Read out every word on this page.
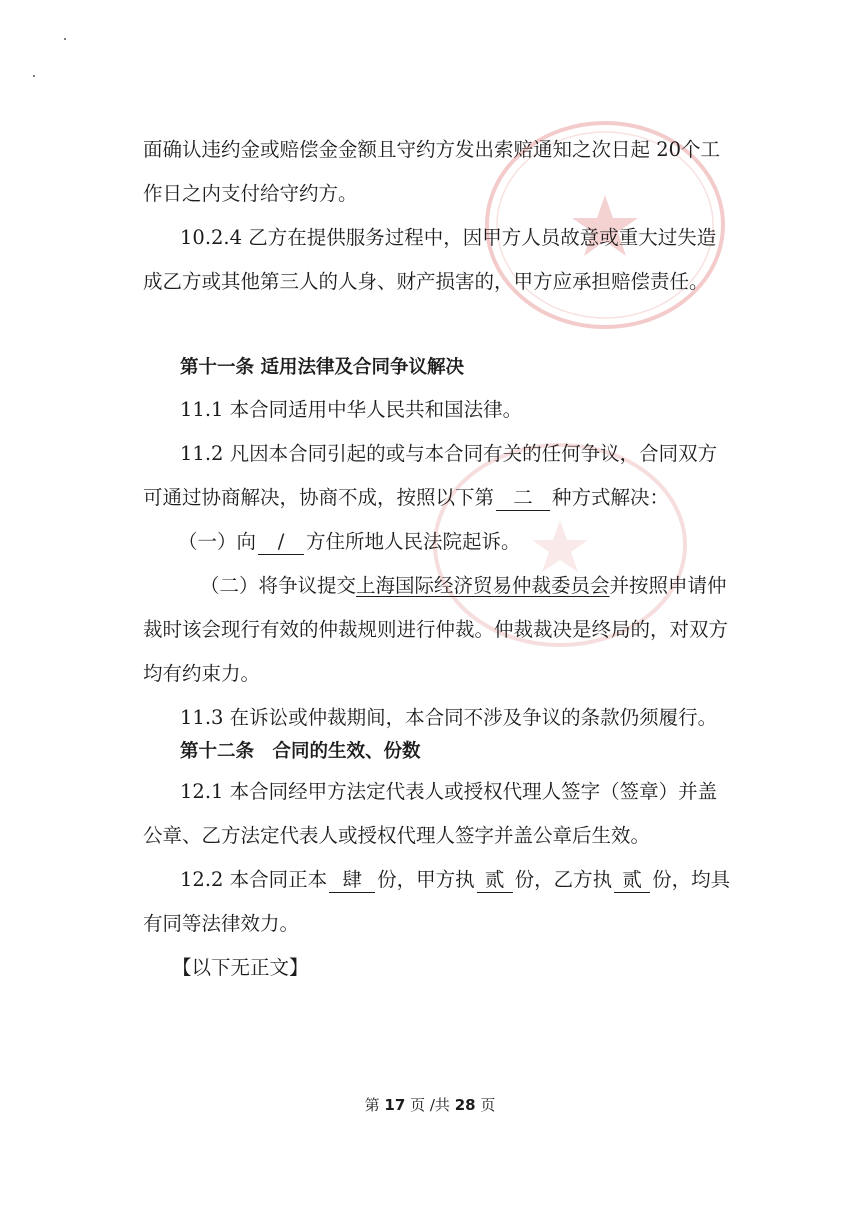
面确认违约金或赔偿金金额且守约方发出索赔通知之次日起 20个工
作日之内支付给守约方。
10.2.4 乙方在提供服务过程中，因甲方人员故意或重大过失造
成乙方或其他第三人的人身、财产损害的，甲方应承担赔偿责任。
第十一条 适用法律及合同争议解决
11.1 本合同适用中华人民共和国法律。
11.2 凡因本合同引起的或与本合同有关的任何争议，合同双方
可通过协商解决，协商不成，按照以下第 二 种方式解决：
（一）向 / 方住所地人民法院起诉。
（二）将争议提交上海国际经济贸易仲裁委员会并按照申请仲
裁时该会现行有效的仲裁规则进行仲裁。仲裁裁决是终局的，对双方
均有约束力。
11.3 在诉讼或仲裁期间，本合同不涉及争议的条款仍须履行。
第十二条　合同的生效、份数
12.1 本合同经甲方法定代表人或授权代理人签字（签章）并盖
公章、乙方法定代表人或授权代理人签字并盖公章后生效。
12.2 本合同正本 肆 份，甲方执 贰 份，乙方执 贰 份，均具
有同等法律效力。
【以下无正文】
第 17 页 /共 28 页
